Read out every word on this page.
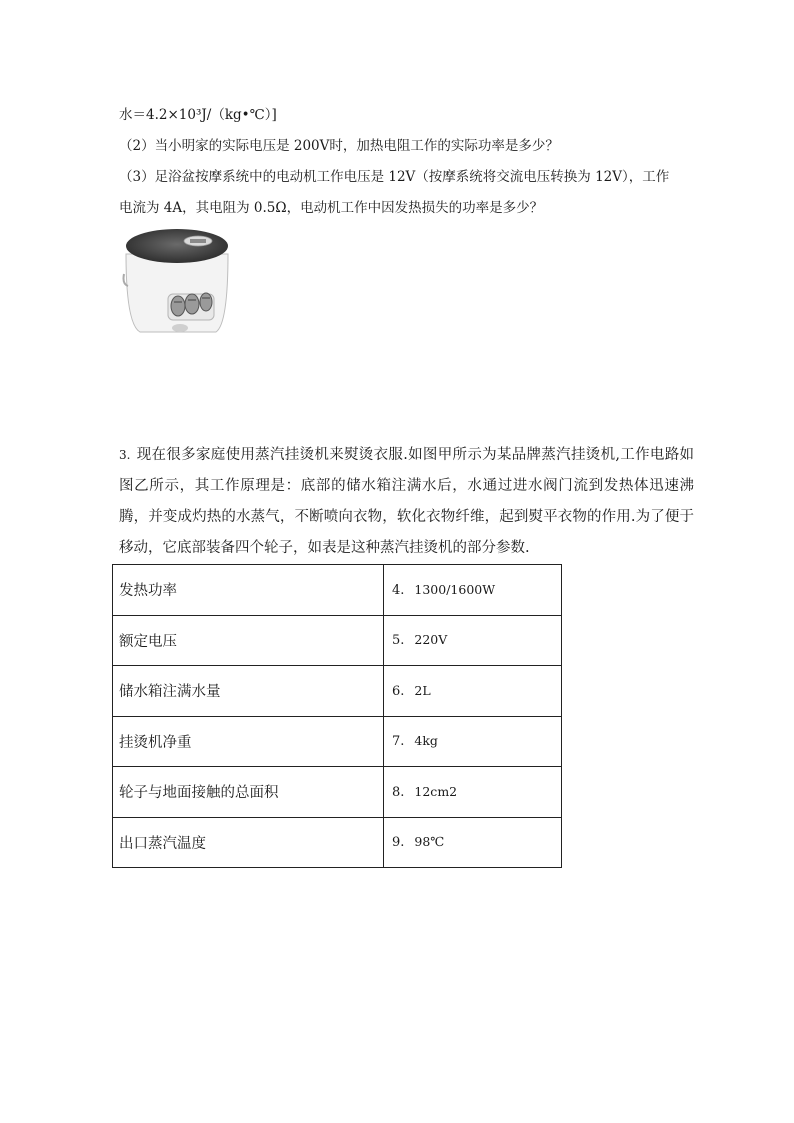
水＝4.2×10³J/（kg•℃）]
（2）当小明家的实际电压是 200V时，加热电阻工作的实际功率是多少？
（3）足浴盆按摩系统中的电动机工作电压是 12V（按摩系统将交流电压转换为 12V），工作
电流为 4A，其电阻为 0.5Ω，电动机工作中因发热损失的功率是多少？
3. 现在很多家庭使用蒸汽挂烫机来熨烫衣服.如图甲所示为某品牌蒸汽挂烫机,工作电路如图乙所示，其工作原理是：底部的储水箱注满水后，水通过进水阀门流到发热体迅速沸腾，并变成灼热的水蒸气，不断喷向衣物，软化衣物纤维，起到熨平衣物的作用.为了便于移动，它底部装备四个轮子，如表是这种蒸汽挂烫机的部分参数.
发热功率	4. 1300/1600W
额定电压	5. 220V
储水箱注满水量	6. 2L
挂烫机净重	7. 4kg
轮子与地面接触的总面积	8. 12cm2
出口蒸汽温度	9. 98℃
